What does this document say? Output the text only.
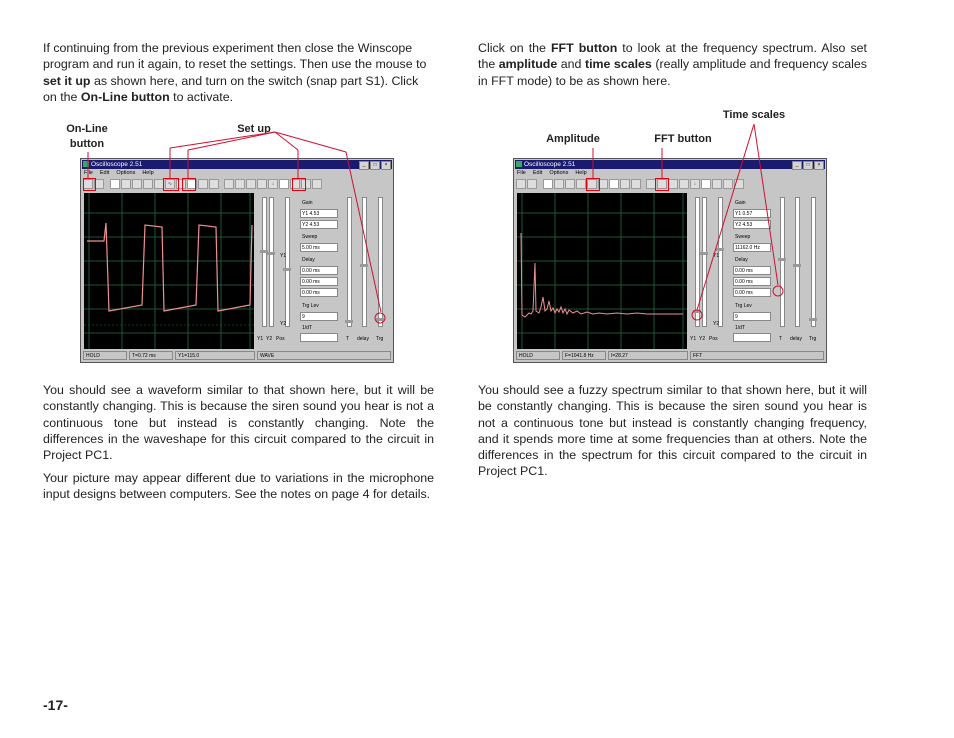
If continuing from the previous experiment then close the Winscope program and run it again, to reset the settings. Then use the mouse to set it up as shown here, and turn on the switch (snap part S1). Click on the On-Line button to activate.

Click on the FFT button to look at the frequency spectrum. Also set the amplitude and time scales (really amplitude and frequency scales in FFT mode) to be as shown here.

On-Line
button
Set up
Time scales
Amplitude	FFT button
Oscilloscope 2.51	_	□	×
File Edit Options Help
∿	↓
Y1
Y2
Gain
Y1 4.53
Y2 4.53
Sweep
5.00 ms
Delay
0.00 ms
0.00 ms
0.00 ms
Trg Lev
9
1/dT
Y1 Y2 Pos	T delay Trg
HOLD	T=0.72 ms	Y1=115.0	WAVE
Oscilloscope 2.51	_	□	×
File Edit Options Help
↓
Y1
Y2
Gain
Y1 0.57
Y2 4.53
Sweep
11162.0 Hz
Delay
0.00 ms
0.00 ms
0.00 ms
Trg Lev
9
1/dT
Y1 Y2 Pos	T delay Trg
HOLD	F=1041.8 Hz	I=28.27	FFT

You should see a waveform similar to that shown here, but it will be constantly changing. This is because the siren sound you hear is not a continuous tone but instead is constantly changing. Note the differences in the waveshape for this circuit compared to the circuit in Project PC1.

Your picture may appear different due to variations in the microphone input designs between computers. See the notes on page 4 for details.

You should see a fuzzy spectrum similar to that shown here, but it will be constantly changing. This is because the siren sound you hear is not a continuous tone but instead is constantly changing frequency, and it spends more time at some frequencies than at others. Note the differences in the spectrum for this circuit compared to the circuit in Project PC1.

-17-
